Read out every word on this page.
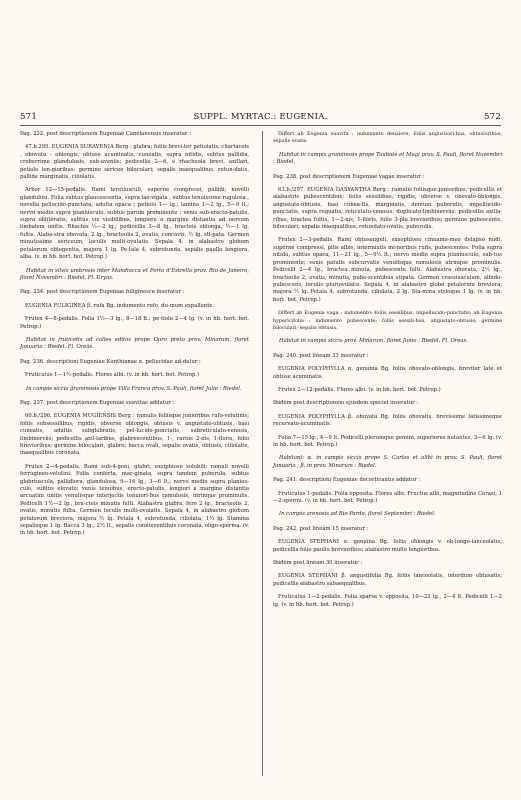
571	SUPPL. MYRTAC.: EUGENIA.	572
Pag. 232. post descriptionem Eugeniae Canelanensis inseratur :
47.b.295. EUGENIA SURAVENIA Berg : glabra; foliis brevi-ter petiolatis, chartaceis , obovato - oblongis, obtuse acuminatis, cuneatis, supra nitidis, subtus pallidis, creberrime glandulosis, sub-aveniis; pedicellis 2—6, e rhacheola brevi, axillari, petiolo lon-gioribus; germine sericeo biloculari; sepalis inaequalibus, rotun-datis, pallide marginatis, ciliolatis.
Arbor 12—15-pedalis. Rami teretiusculi, superne compressi, pallidi; novelli glandulosi. Folia subtus glaucescentia, supra lae-vigata , subtus tenuissime rugulosa , novella pellucido-punctata, adulta opaca ; petiolo 1— lg.; lamina 1—2 lg., 5—9 lt.; nervo medio supra planiusculo, subtus parum prominente ; venis sub-erecto-patulis, supra obliteratis, subtus vix visibilibus, longiore a margine distantia ad nervum limbalem unitis. Rhachis ½—2 lg.; pedicellis 3—8 lg., bracteis oblonga, ½—1 lg. fultis. Alaba-stra obovata, 2 lg., bracteolis 2, ovatis, concavis, ½ lg. sti-pata. Germen minutissime sericeum, loculis multi-ovulatis. Sepala 4, in alabastro globum petalorum obtegentia, majora 1 lg. Pe-tala 4, subrotunda, sepalis paullo longiora, alba. (v. in hb. hort. bot. Petrop.)
Habitat in silvis umbrosis inter Mandiocca et Porto d’Estrella prov. Rio de Janeiro, floret Novembri : Riedel. Fl. Dryas.
Pag. 234. post descriptionem Eugeniae fuliginesce inseratur :
EUGENIA FULIGINEA β. rufa Bg. indumento rufo, du-mum expallente.
Frutex 4—8-pedalis. Folia 1½—3 lg., 8—18 lt.; pe-tiolo 2—4 lg. (v. in hb. hort. bot. Petrop.)
Habitat in fruticetis ad colles editos prope Ouro preto prov. Minarum, floret Januario : Riedel. Fl. Oreas.
Pag. 236. descriptioni Eugeniae Kunthianae α. pellucidae ad-datur :
Fruticulus 1—1½-pedalis. Flores albi. (v. in hb. hort. bot. Petrop.)
In campis siccis graminosis prope Villa Franca prov. S. Pauli, floret Julio : Riedel.
Pag. 237. post descriptionem Eugeniae suavitae addatur :
60.b./296. EUGENIA MUGIENSIS Berg : ramulis foliisque junioribus rufo-velutinis; foliis subsessilibus, rigidis, obverse oblongis, obtusis v. angustato-obtusis, basi cuneatis, adultis subglabratis, pel-lucido-punctatis, subreticulato-venosis, limbinerviis; pedicellis axil-laribus, glabrescentibus, 1-, rarius 2-nis, 1-floris, folio brevioribus; germine biloculari, glabro; bacca ovali, sepalis ovatis, obtusis, ciliolatis, inaequalibus coronata.
Frutex 2—4-pedalis. Rami sub-4-goni, glabri, exsiphioso solubili; ramuli novelli ferrugineo-velutini. Folia conferta, mar-ginata, supra tandem puberula, subtus glabriuscula, pallidiora, glandulosa, 9—16 lg., 3—6 lt.; nervo medio supra planius-culo, subtus elevato; venis tenuibus, erecto-patulis, longiori a margine distantia arcuatim unitis venulisque interjectis tenuiori-bus ramulosis, utrinque prominulis. Pedicelli 1½—2 lg., bra-cteis minutis fulti. Alabastra glabra, fere 2 lg., bracteolis 2, ovatis, minutis fulta. Germen loculis multi-ovulatis. Sepala 4, in alabastro globum petalorum breviora, majora ½ lg. Petala 4, subrotunda, ciliolata, 1½ lg. Stamina sepalisque 1 lg. Bacca 3 lg., 2½ lt., sepalis connieventibus coronata, oligo-sperma. (v. in hb. hort. bot. Petrop.)
Differt ab Eugenia suavita : indumento densiore; foliis angustiori-bus, obtusioribus; sepalis ovatis.
Habitat in campis graminosis prope Taubaté et Mugi prov. S. Pauli, floret Novembri : Riedel.
Pag. 238. post descriptionem Eugeniae vagae inseratur :
63.b./297. EUGENIA DASYANTHA Berg : ramulis foliisque junioribus, pedicellis et alabastris pubescentibus; foliis sessilibus, rigidis, obverse v. obovato-oblongis, angustate-obtusis, basi cunea-tis, marginatis, demum puberulis, impellucido-punctatis, supra reguatis, reticulato-venosis, duplicato-limbinerviis; pedicellis axilla-ribus, bractea fultis, 1—2-nis, 1-floris, folio 3-plo brevioribus; germine pubescente, biloculari; sepalis inaequalibus, rotundato-ovatis, puberulis.
Frutex 2—3-pedalis. Rami obtusanguli, exsophloeo cinnamo-meo delapso nudi, superne compressi, pilis albis, intermixtis mi-noribus rufis, pubescentes. Folia supra nitida, subtus opaca, 11—21 lg., 5—9½ lt.; nervo medio supra planiusculo, sub-tus prominente; venis patulis subcurvatis venulisque ramulosis utrinque prominulis. Pedicelli 2—4 lg., bractea minuta, pubescente fulti. Alabastra obovata, 2½ lg., bracteolis 2, ovatis, minutis, pube-scentibus stipata. Germen crassiusculum, albido-pubescens, loculis pluriovulatis. Sepala 4, in alabastro globo petalorum breviora, majora ½ lg. Petala 4, subrotunda, ciliolata, 2 lg. Sta-mina styloque 1 lg. (v. in hb. hort. bot. Petrop.)
Differt ab Eugenia vaga : indumento; foliis sessilibus, impellucido-punctatis; ab Eugenia hypericifolia : indumento pubescente; foliis sessili-bus, angustato-obtusis; germine biloculari; sepalis obtusis.
Habitat in campis siccis prov. Minarum, floret Junio : Riedel. Fl. Oreas.
Pag. 240. post lineam 33 inseratur :
EUGENIA POLYPHYLLA α. genuina Bg. foliis obovato-oblongis, breviter late et obtuse acuminatis.
Frutex 2—12-pedalis. Flores albi. (v. in hb. hort. bot. Petrop.)
Ibidem post descriptionem ejusdem speciei inseratur :
EUGENIA POLYPHYLLA β. obovata Bg. foliis obovatis, brevissime latissimeque recurvato-acuminatis.
Folia 7—15 lg., 4—9 lt. Pedicelli plerumque gemini, superiores nutantes, 3—6 lg. (v. in hb. hort. bot. Petrop.)
Habitant: α. in campis siccis prope S. Carlos et alibi in prov. S. Pauli, floret Januario ; β. in prov. Minarum : Riedel.
Pag. 241. descriptioni Eugeniae decorticantis addatur :
Fruticulus 1-pedalis. Folia opposita. Flores albi. Fructus albi, magnitudine Cerasi, 1—2-spermi. (v. in hb. hort. bot. Petrop.)
In campis arenosis ad Rio Pardo, floret Septembri : Riedel.
Pag. 242. post lineam 15 inseratur :
EUGENIA STEPHANI α. genuina Bg. foliis oblongis v. ob-longo-lanceolatis; pedicellis folio paullo brevioribus; alabastro multo longioribus.
Ibidem post lineam 30 inseratur :
EUGENIA STEPHANI β. angustifolia Bg. foliis lanceolatis, interdum obtusatis; pedicellis alabastro subaequalibus.
Fruticulus 1—2-pedalis. Folia sparsa v. opposita, 10—22 lg., 2—4 lt. Pedicelli 1—2 lg. (v. in hb. hort. bot. Petrop.)
